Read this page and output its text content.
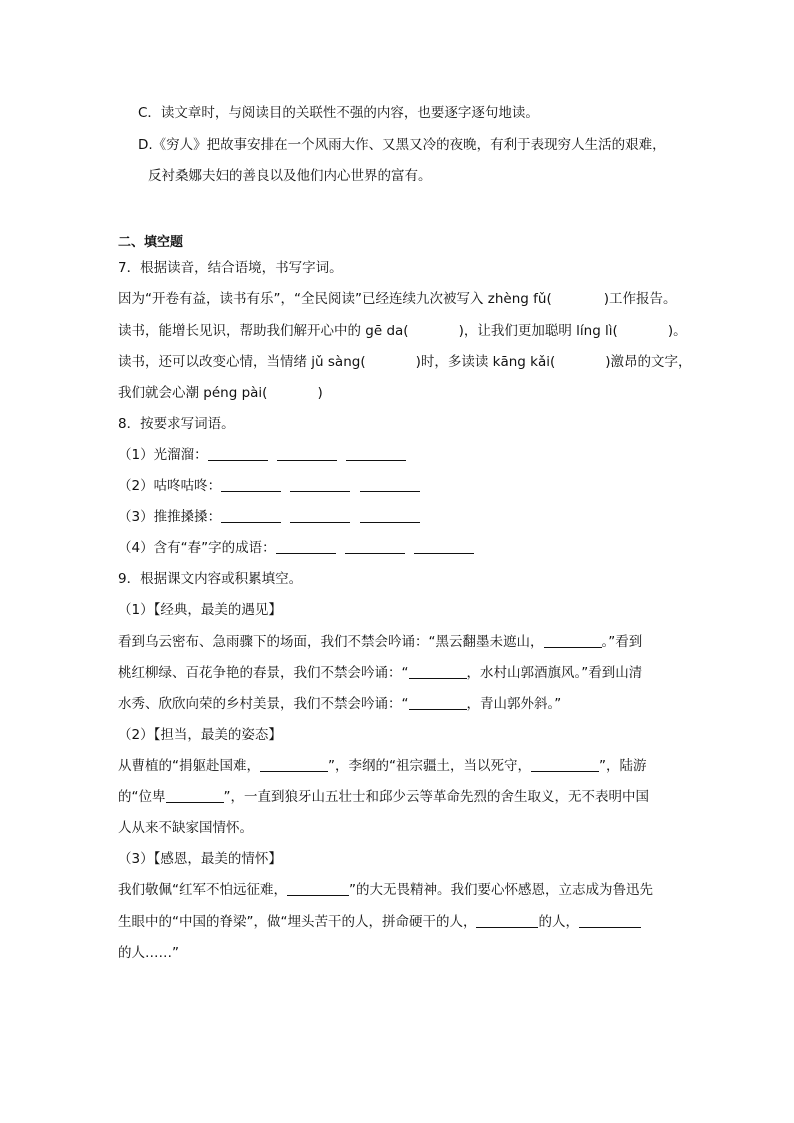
C．读文章时，与阅读目的关联性不强的内容，也要逐字逐句地读。
D.《穷人》把故事安排在一个风雨大作、又黑又冷的夜晚，有利于表现穷人生活的艰难，
反衬桑娜夫妇的善良以及他们内心世界的富有。
二、填空题
7．根据读音，结合语境，书写字词。
因为“开卷有益，读书有乐”，“全民阅读”已经连续九次被写入 zhèng fǔ(	)工作报告。
读书，能增长见识，帮助我们解开心中的 gē da(	)，让我们更加聪明 líng lì(	)。
读书，还可以改变心情，当情绪 jǔ sàng(	)时，多读读 kāng kǎi(	)激昂的文字，
我们就会心潮 péng pài(	)
8．按要求写词语。
（1）光溜溜：
（2）咕咚咕咚：
（3）推推搡搡：
（4）含有“春”字的成语：
9．根据课文内容或积累填空。
（1）【经典，最美的遇见】
看到乌云密布、急雨骤下的场面，我们不禁会吟诵：“黑云翻墨未遮山，	。”看到
桃红柳绿、百花争艳的春景，我们不禁会吟诵：“	，水村山郭酒旗风。”看到山清
水秀、欣欣向荣的乡村美景，我们不禁会吟诵：“	，青山郭外斜。”
（2）【担当，最美的姿态】
从曹植的“捐躯赴国难，	”，李纲的“祖宗疆土，当以死守，	”，陆游
的“位卑	”，一直到狼牙山五壮士和邱少云等革命先烈的舍生取义，无不表明中国
人从来不缺家国情怀。
（3）【感恩，最美的情怀】
我们敬佩“红军不怕远征难，	”的大无畏精神。我们要心怀感恩，立志成为鲁迅先
生眼中的“中国的脊梁”，做“埋头苦干的人，拼命硬干的人，	的人，
的人……”
